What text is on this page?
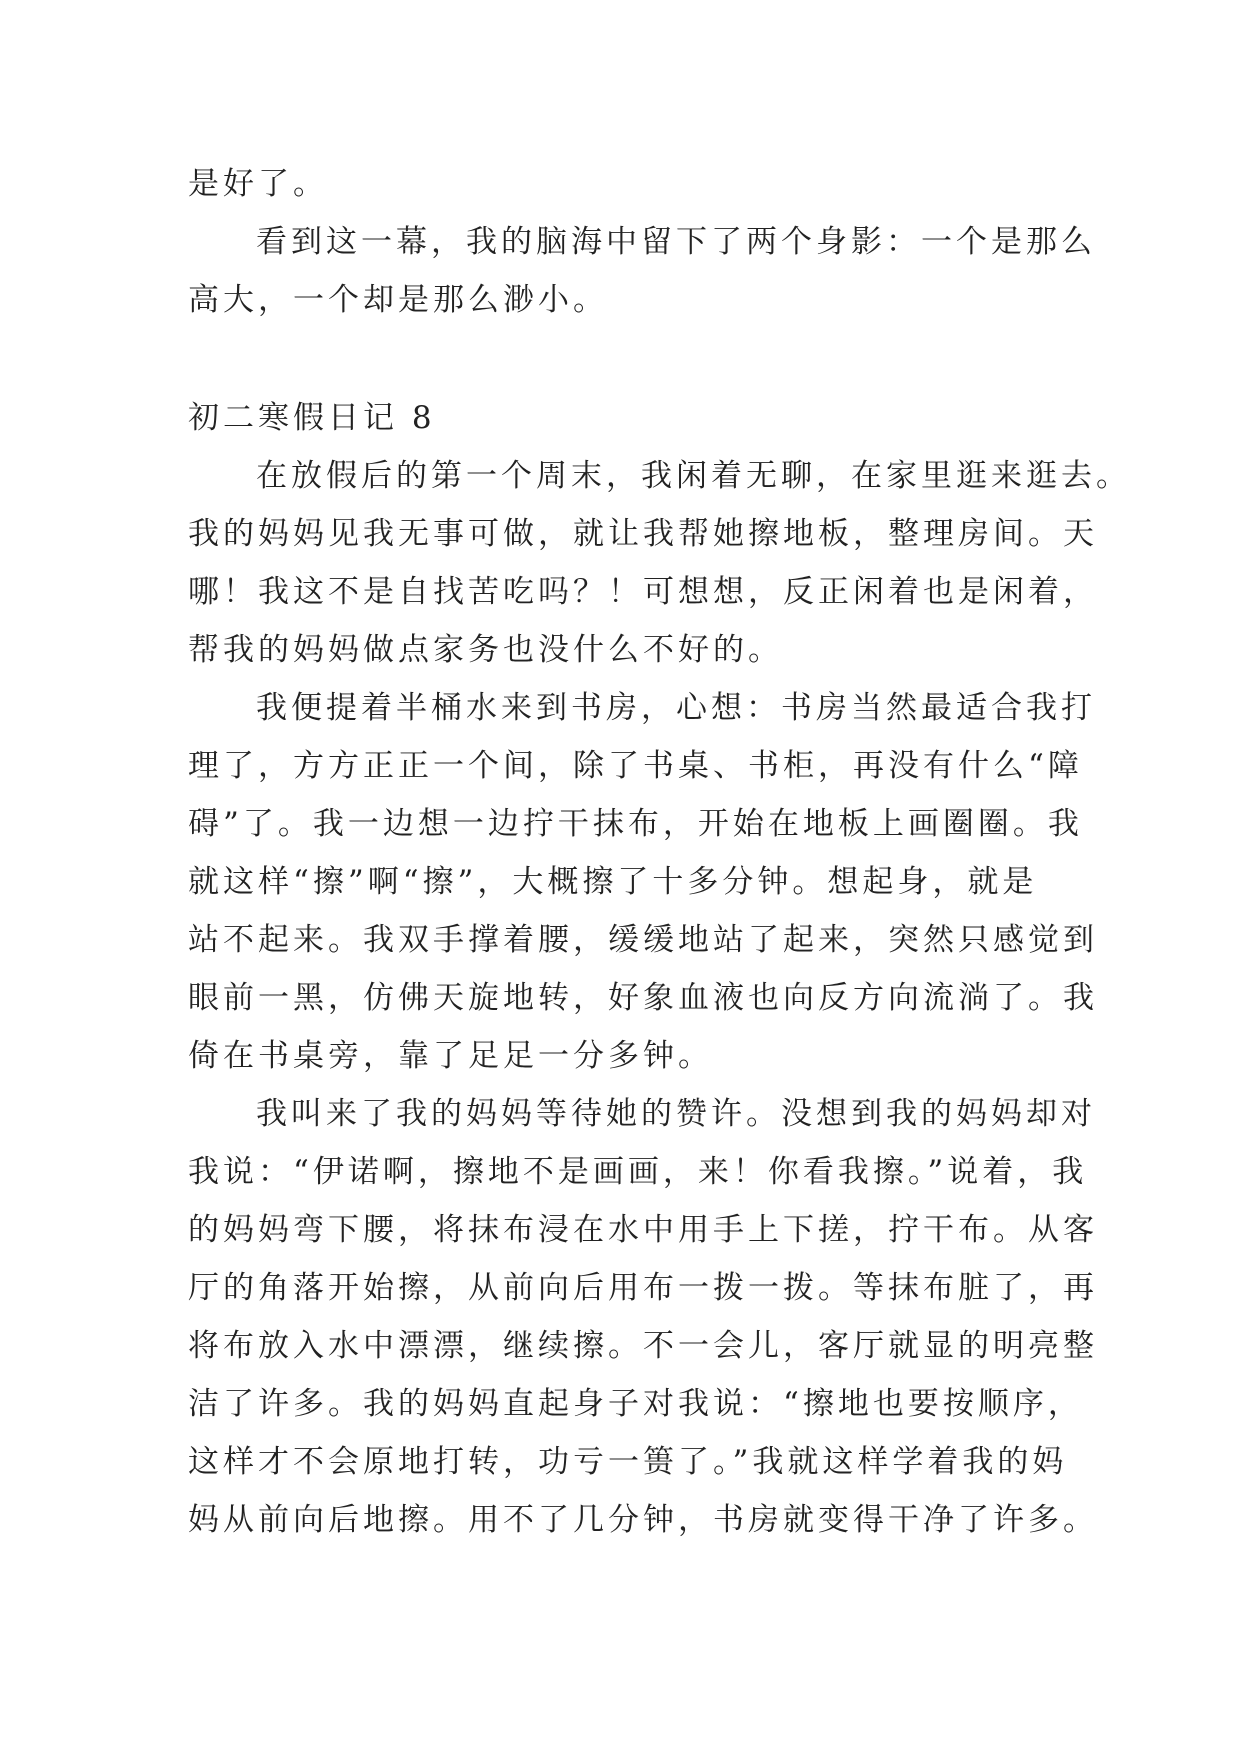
是好了。
看到这一幕，我的脑海中留下了两个身影：一个是那么
高大，一个却是那么渺小。
初二寒假日记 8
在放假后的第一个周末，我闲着无聊，在家里逛来逛去。
我的妈妈见我无事可做，就让我帮她擦地板，整理房间。天
哪！我这不是自找苦吃吗？！可想想，反正闲着也是闲着，
帮我的妈妈做点家务也没什么不好的。
我便提着半桶水来到书房，心想：书房当然最适合我打
理了，方方正正一个间，除了书桌、书柜，再没有什么“障
碍”了。我一边想一边拧干抹布，开始在地板上画圈圈。我
就这样“擦”啊“擦”，大概擦了十多分钟。想起身，就是
站不起来。我双手撑着腰，缓缓地站了起来，突然只感觉到
眼前一黑，仿佛天旋地转，好象血液也向反方向流淌了。我
倚在书桌旁，靠了足足一分多钟。
我叫来了我的妈妈等待她的赞许。没想到我的妈妈却对
我说：“伊诺啊，擦地不是画画，来！你看我擦。”说着，我
的妈妈弯下腰，将抹布浸在水中用手上下搓，拧干布。从客
厅的角落开始擦，从前向后用布一拨一拨。等抹布脏了，再
将布放入水中漂漂，继续擦。不一会儿，客厅就显的明亮整
洁了许多。我的妈妈直起身子对我说：“擦地也要按顺序，
这样才不会原地打转，功亏一篑了。”我就这样学着我的妈
妈从前向后地擦。用不了几分钟，书房就变得干净了许多。
